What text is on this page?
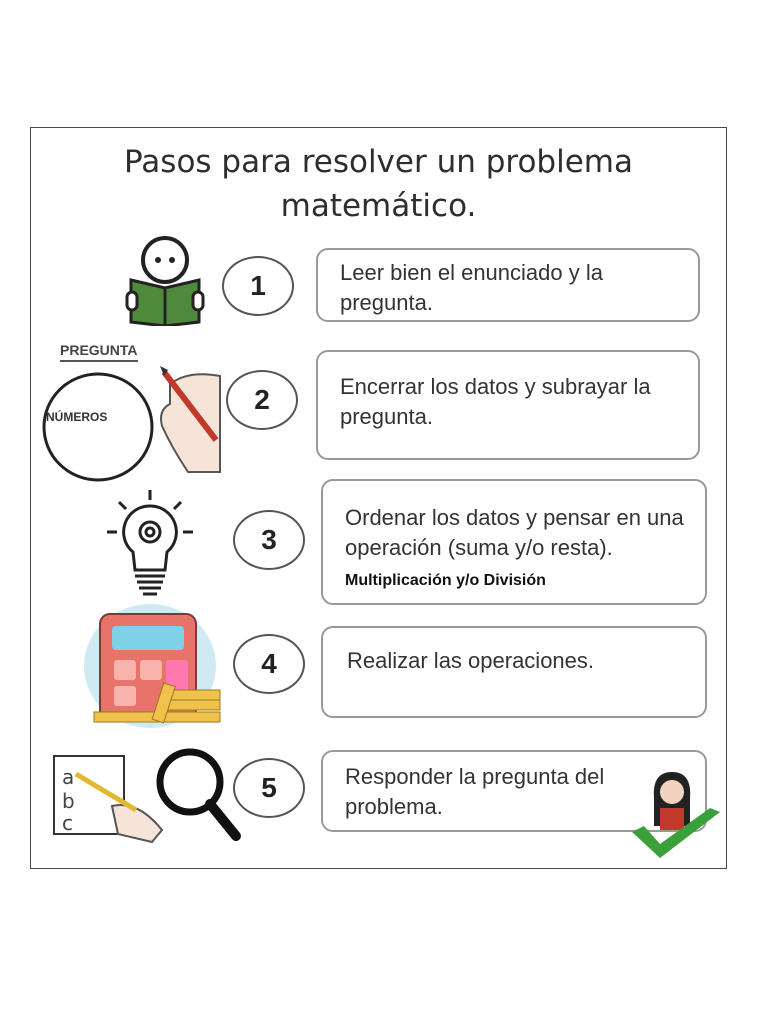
Pasos para resolver un problema
matemático.
1	Leer bien el enunciado y la pregunta.
PREGUNTA
NÚMEROS
2	Encerrar los datos y subrayar la pregunta.
3
Ordenar los datos y pensar en una operación (suma y/o resta). Multiplicación y/o División
4	Realizar las operaciones.
a
b
c
5	Responder la pregunta del problema.
